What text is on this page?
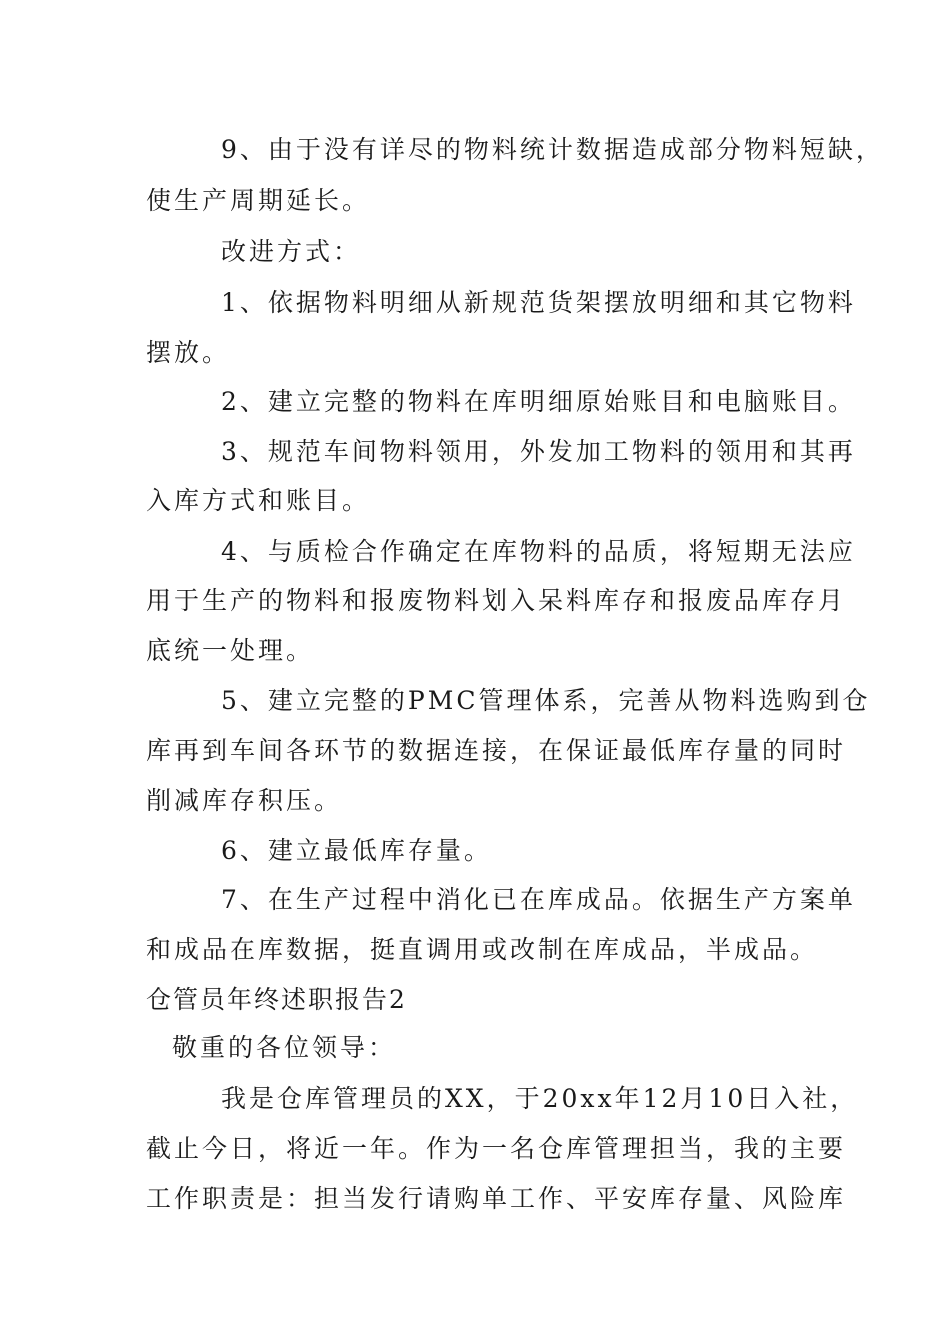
9、由于没有详尽的物料统计数据造成部分物料短缺，
使生产周期延长。
改进方式：
1、依据物料明细从新规范货架摆放明细和其它物料
摆放。
2、建立完整的物料在库明细原始账目和电脑账目。
3、规范车间物料领用，外发加工物料的领用和其再
入库方式和账目。
4、与质检合作确定在库物料的品质，将短期无法应
用于生产的物料和报废物料划入呆料库存和报废品库存月
底统一处理。
5、建立完整的PMC管理体系，完善从物料选购到仓
库再到车间各环节的数据连接，在保证最低库存量的同时
削减库存积压。
6、建立最低库存量。
7、在生产过程中消化已在库成品。依据生产方案单
和成品在库数据，挺直调用或改制在库成品，半成品。
仓管员年终述职报告2
敬重的各位领导：
我是仓库管理员的XX，于20xx年12月10日入社，
截止今日，将近一年。作为一名仓库管理担当，我的主要
工作职责是：担当发行请购单工作、平安库存量、风险库
